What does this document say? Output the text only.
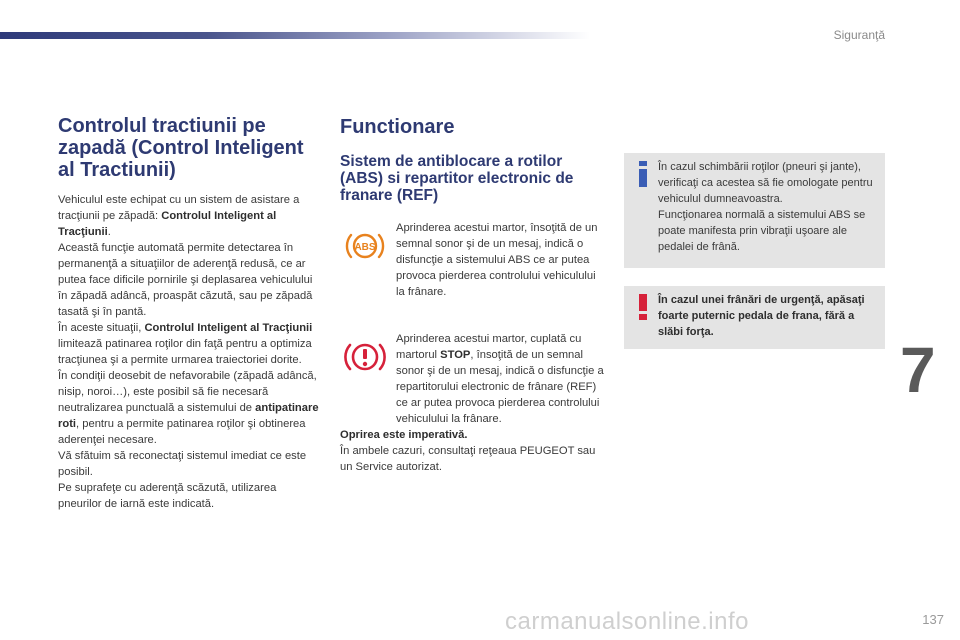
Siguranţă
Controlul tractiunii pe zapadă (Control Inteligent al Tractiunii)

Vehiculul este echipat cu un sistem de asistare a tracţiunii pe zăpadă: Controlul Inteligent al Tracţiunii.

Această funcţie automată permite detectarea în permanenţă a situaţiilor de aderenţă redusă, ce ar putea face dificile pornirile şi deplasarea vehiculului în zăpadă adâncă, proaspăt căzută, sau pe zăpadă tasată şi în pantă.

În aceste situaţii, Controlul Inteligent al Tracţiunii limitează patinarea roţilor din faţă pentru a optimiza tracţiunea şi a permite urmarea traiectoriei dorite.

În condiţii deosebit de nefavorabile (zăpadă adâncă, nisip, noroi…), este posibil să fie necesară neutralizarea punctuală a sistemului de antipatinare roti, pentru a permite patinarea roţilor şi obtinerea aderenţei necesare.

Vă sfătuim să reconectaţi sistemul imediat ce este posibil.

Pe suprafeţe cu aderenţă scăzută, utilizarea pneurilor de iarnă este indicată.

Functionare
Sistem de antiblocare a rotilor (ABS) si repartitor electronic de franare (REF)
ABS
Aprinderea acestui martor, însoţită de un semnal sonor şi de un mesaj, indică o disfuncţie a sistemului ABS ce ar putea provoca pierderea controlului vehiculului la frânare.

Aprinderea acestui martor, cuplată cu martorul STOP, însoţită de un semnal sonor şi de un mesaj, indică o disfuncţie a repartitorului electronic de frânare (REF) ce ar putea provoca pierderea controlului vehiculului la frânare.

Oprirea este imperativă.

În ambele cazuri, consultaţi reţeaua PEUGEOT sau un Service autorizat.

În cazul schimbării roţilor (pneuri şi jante), verificaţi ca acestea să fie omologate pentru vehiculul dumneavoastra.
Funcţionarea normală a sistemului ABS se poate manifesta prin vibraţii uşoare ale pedalei de frână.
În cazul unei frânări de urgenţă, apăsaţi foarte puternic pedala de frana, fără a slăbi forţa.
7
carmanualsonline.info	137
